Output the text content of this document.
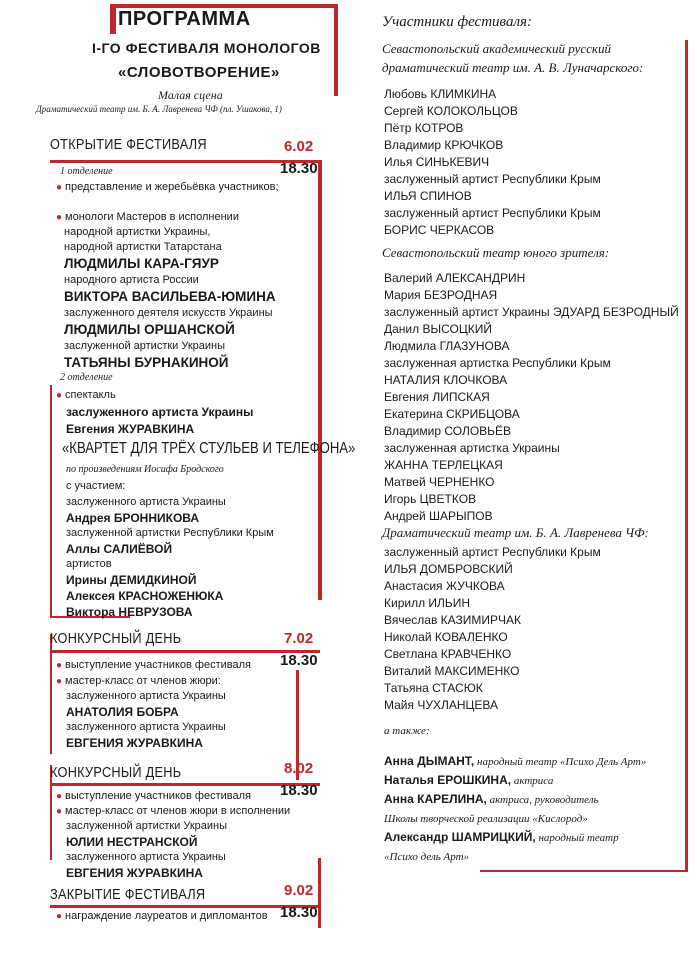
ПРОГРАММА
I-ГО ФЕСТИВАЛЯ МОНОЛОГОВ
«СЛОВОТВОРЕНИЕ»
Малая сцена
Драматический театр им. Б. А. Лавренева ЧФ (пл. Ушакова, 1)
ОТКРЫТИЕ ФЕСТИВАЛЯ	6.02
18.30
1 отделение
● представление и жеребьёвка участников;
● монологи Мастеров в исполнении
народной артистки Украины,
народной артистки Татарстана
ЛЮДМИЛЫ КАРА-ГЯУР
народного артиста России
ВИКТОРА ВАСИЛЬЕВА-ЮМИНА
заслуженного деятеля искусств Украины
ЛЮДМИЛЫ ОРШАНСКОЙ
заслуженной артистки Украины
ТАТЬЯНЫ БУРНАКИНОЙ
2 отделение
● спектакль
заслуженного артиста Украины
Евгения ЖУРАВКИНА
«КВАРТЕТ ДЛЯ ТРЁХ СТУЛЬЕВ И ТЕЛЕФОНА»
по произведениям Иосифа Бродского
с участием:
заслуженного артиста Украины
Андрея БРОННИКОВА
заслуженной артистки Республики Крым
Аллы САЛИЁВОЙ
артистов
Ирины ДЕМИДКИНОЙ
Алексея КРАСНОЖЕНЮКА
Виктора НЕВРУЗОВА
КОНКУРСНЫЙ ДЕНЬ	7.02
18.30
● выступление участников фестиваля
● мастер-класс от членов жюри:
заслуженного артиста Украины
АНАТОЛИЯ БОБРА
заслуженного артиста Украины
ЕВГЕНИЯ ЖУРАВКИНА
КОНКУРСНЫЙ ДЕНЬ	8.02
18.30
● выступление участников фестиваля
● мастер-класс от членов жюри в исполнении
заслуженной артистки Украины
ЮЛИИ НЕСТРАНСКОЙ
заслуженного артиста Украины
ЕВГЕНИЯ ЖУРАВКИНА
ЗАКРЫТИЕ ФЕСТИВАЛЯ	9.02
18.30
● награждение лауреатов и дипломантов
Участники фестиваля:
Севастопольский академический русский
драматический театр им. А. В. Луначарского:
Любовь КЛИМКИНА
Сергей КОЛОКОЛЬЦОВ
Пётр КОТРОВ
Владимир КРЮЧКОВ
Илья СИНЬКЕВИЧ
заслуженный артист Республики Крым
ИЛЬЯ СПИНОВ
заслуженный артист Республики Крым
БОРИС ЧЕРКАСОВ
Севастопольский театр юного зрителя:
Валерий АЛЕКСАНДРИН
Мария БЕЗРОДНАЯ
заслуженный артист Украины ЭДУАРД БЕЗРОДНЫЙ
Данил ВЫСОЦКИЙ
Людмила ГЛАЗУНОВА
заслуженная артистка Республики Крым
НАТАЛИЯ КЛОЧКОВА
Евгения ЛИПСКАЯ
Екатерина СКРИБЦОВА
Владимир СОЛОВЬЁВ
заслуженная артистка Украины
ЖАННА ТЕРЛЕЦКАЯ
Матвей ЧЕРНЕНКО
Игорь ЦВЕТКОВ
Андрей ШАРЫПОВ
Драматический театр им. Б. А. Лавренева ЧФ:
заслуженный артист Республики Крым
ИЛЬЯ ДОМБРОВСКИЙ
Анастасия ЖУЧКОВА
Кирилл ИЛЬИН
Вячеслав КАЗИМИРЧАК
Николай КОВАЛЕНКО
Светлана КРАВЧЕНКО
Виталий МАКСИМЕНКО
Татьяна СТАСЮК
Майя ЧУХЛАНЦЕВА
а также:
Анна ДЫМАНТ, народный театр «Психо Дель Арт»
Наталья ЕРОШКИНА, актриса
Анна КАРЕЛИНА, актриса, руководитель
Школы творческой реализации «Кислород»
Александр ШАМРИЦКИЙ, народный театр
«Психо дель Арт»
